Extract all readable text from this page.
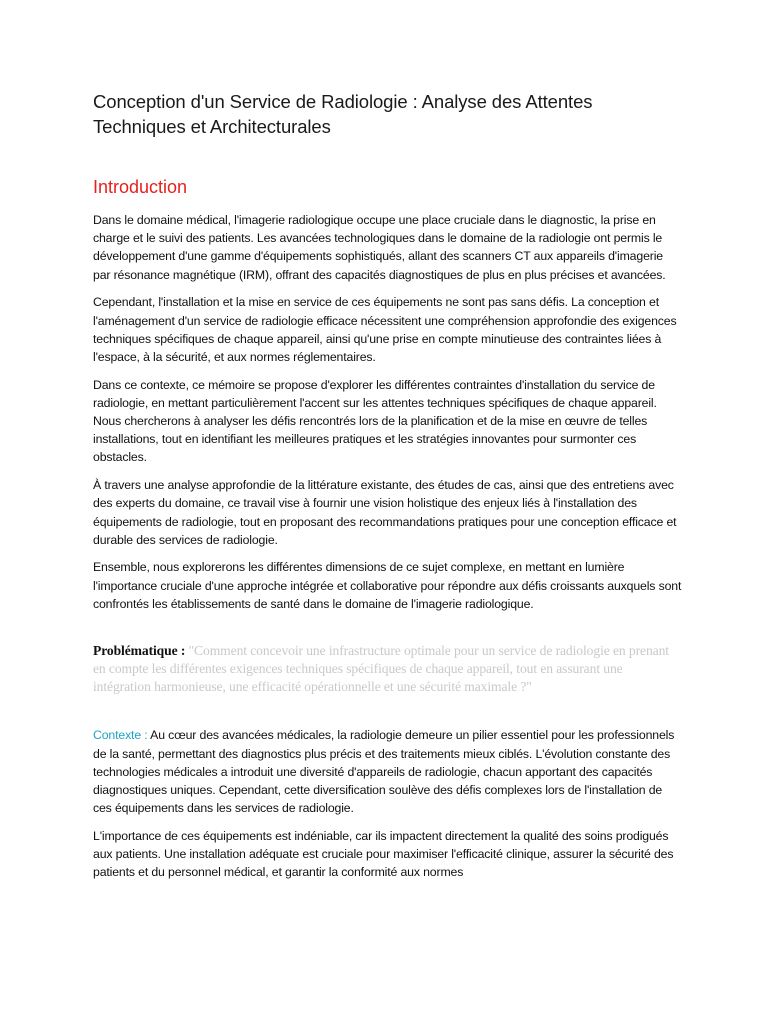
Conception d'un Service de Radiologie : Analyse des Attentes Techniques et Architecturales
Introduction

Dans le domaine médical, l'imagerie radiologique occupe une place cruciale dans le diagnostic, la prise en charge et le suivi des patients. Les avancées technologiques dans le domaine de la radiologie ont permis le développement d'une gamme d'équipements sophistiqués, allant des scanners CT aux appareils d'imagerie par résonance magnétique (IRM), offrant des capacités diagnostiques de plus en plus précises et avancées.

Cependant, l'installation et la mise en service de ces équipements ne sont pas sans défis. La conception et l'aménagement d'un service de radiologie efficace nécessitent une compréhension approfondie des exigences techniques spécifiques de chaque appareil, ainsi qu'une prise en compte minutieuse des contraintes liées à l'espace, à la sécurité, et aux normes réglementaires.

Dans ce contexte, ce mémoire se propose d'explorer les différentes contraintes d'installation du service de radiologie, en mettant particulièrement l'accent sur les attentes techniques spécifiques de chaque appareil. Nous chercherons à analyser les défis rencontrés lors de la planification et de la mise en œuvre de telles installations, tout en identifiant les meilleures pratiques et les stratégies innovantes pour surmonter ces obstacles.

À travers une analyse approfondie de la littérature existante, des études de cas, ainsi que des entretiens avec des experts du domaine, ce travail vise à fournir une vision holistique des enjeux liés à l'installation des équipements de radiologie, tout en proposant des recommandations pratiques pour une conception efficace et durable des services de radiologie.

Ensemble, nous explorerons les différentes dimensions de ce sujet complexe, en mettant en lumière l'importance cruciale d'une approche intégrée et collaborative pour répondre aux défis croissants auxquels sont confrontés les établissements de santé dans le domaine de l'imagerie radiologique.

Problématique : "Comment concevoir une infrastructure optimale pour un service de radiologie en prenant en compte les différentes exigences techniques spécifiques de chaque appareil, tout en assurant une intégration harmonieuse, une efficacité opérationnelle et une sécurité maximale ?"

Contexte : Au cœur des avancées médicales, la radiologie demeure un pilier essentiel pour les professionnels de la santé, permettant des diagnostics plus précis et des traitements mieux ciblés. L'évolution constante des technologies médicales a introduit une diversité d'appareils de radiologie, chacun apportant des capacités diagnostiques uniques. Cependant, cette diversification soulève des défis complexes lors de l'installation de ces équipements dans les services de radiologie.

L'importance de ces équipements est indéniable, car ils impactent directement la qualité des soins prodigués aux patients. Une installation adéquate est cruciale pour maximiser l'efficacité clinique, assurer la sécurité des patients et du personnel médical, et garantir la conformité aux normes
